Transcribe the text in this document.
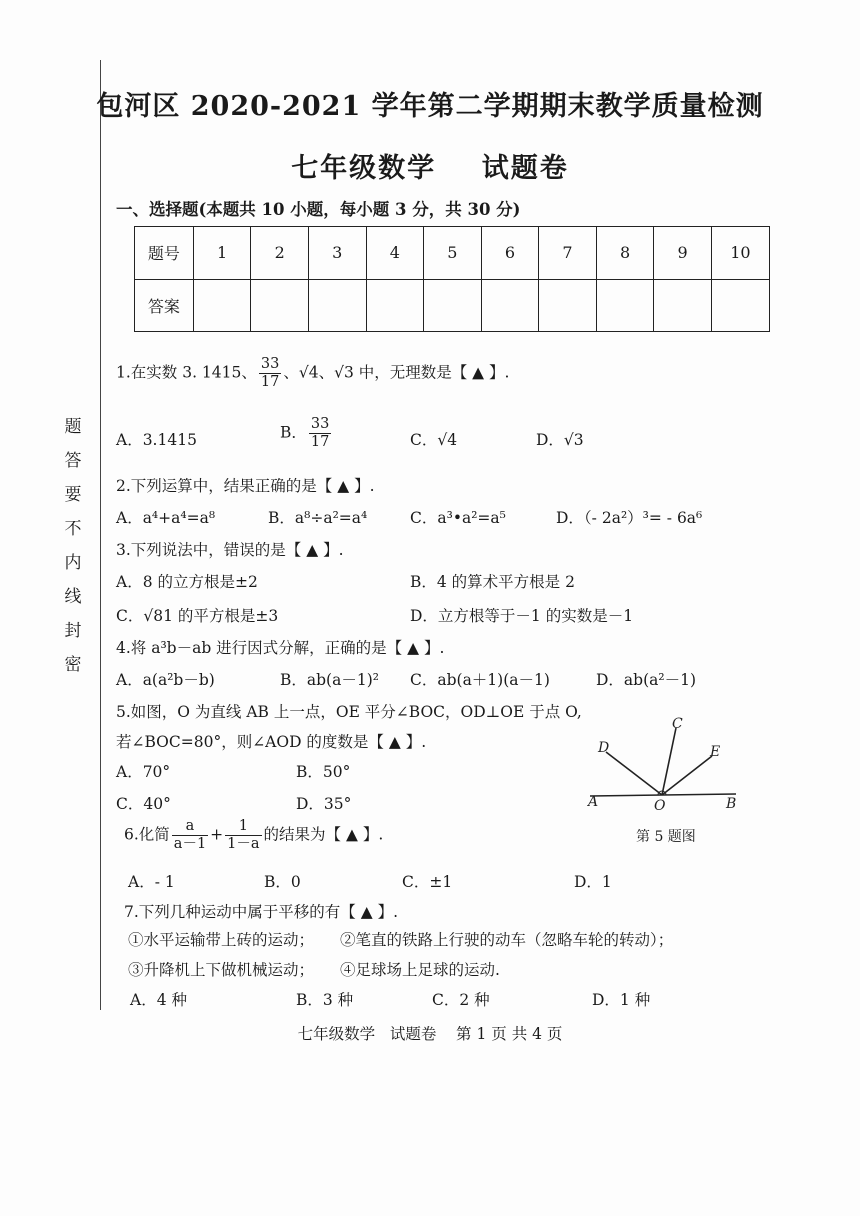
题
答
要
不
内
线
封
密
包河区 2020-2021 学年第二学期期末教学质量检测
七年级数学    试题卷
一、选择题(本题共 10 小题，每小题 3 分，共 30 分)
题号	1	2	3	4	5	6	7	8	9	10
答案										
1.在实数 3. 1415、 $\frac{33}{17}$ 、√4、√3 中，无理数是【 ▲ 】.
A．3.1415	B． $\frac{33}{17}$	C．√4	D．√3
2.下列运算中，结果正确的是【 ▲ 】.
A．a⁴+a⁴=a⁸	B．a⁸÷a²=a⁴	C．a³•a²=a⁵	D．（- 2a²）³= - 6a⁶
3.下列说法中，错误的是【 ▲ 】.
A．8 的立方根是±2	B．4 的算术平方根是 2
C．√81 的平方根是±3	D．立方根等于－1 的实数是－1
4.将 a³b－ab 进行因式分解，正确的是【 ▲ 】.
A．a(a²b－b)	B．ab(a－1)² C．ab(a＋1)(a－1)	D．ab(a²－1)
5.如图，O 为直线 AB 上一点，OE 平分∠BOC，OD⊥OE 于点 O,
若∠BOC=80°，则∠AOD 的度数是【 ▲ 】.
A．70°	B．50°
C．40°	D．35°	A	B
C
D	E
O
第 5 题图
6.化简 $\frac{a}{a-1} + \frac{1}{1-a}$ 的结果为【 ▲ 】.
A．- 1	B．0	C．±1	D．1
7.下列几种运动中属于平移的有【 ▲ 】.
①水平运输带上砖的运动； ②笔直的铁路上行驶的动车（忽略车轮的转动）；
③升降机上下做机械运动； ④足球场上足球的运动.
A．4 种	B．3 种	C．2 种	D．1 种
七年级数学   试题卷    第 1 页 共 4 页
